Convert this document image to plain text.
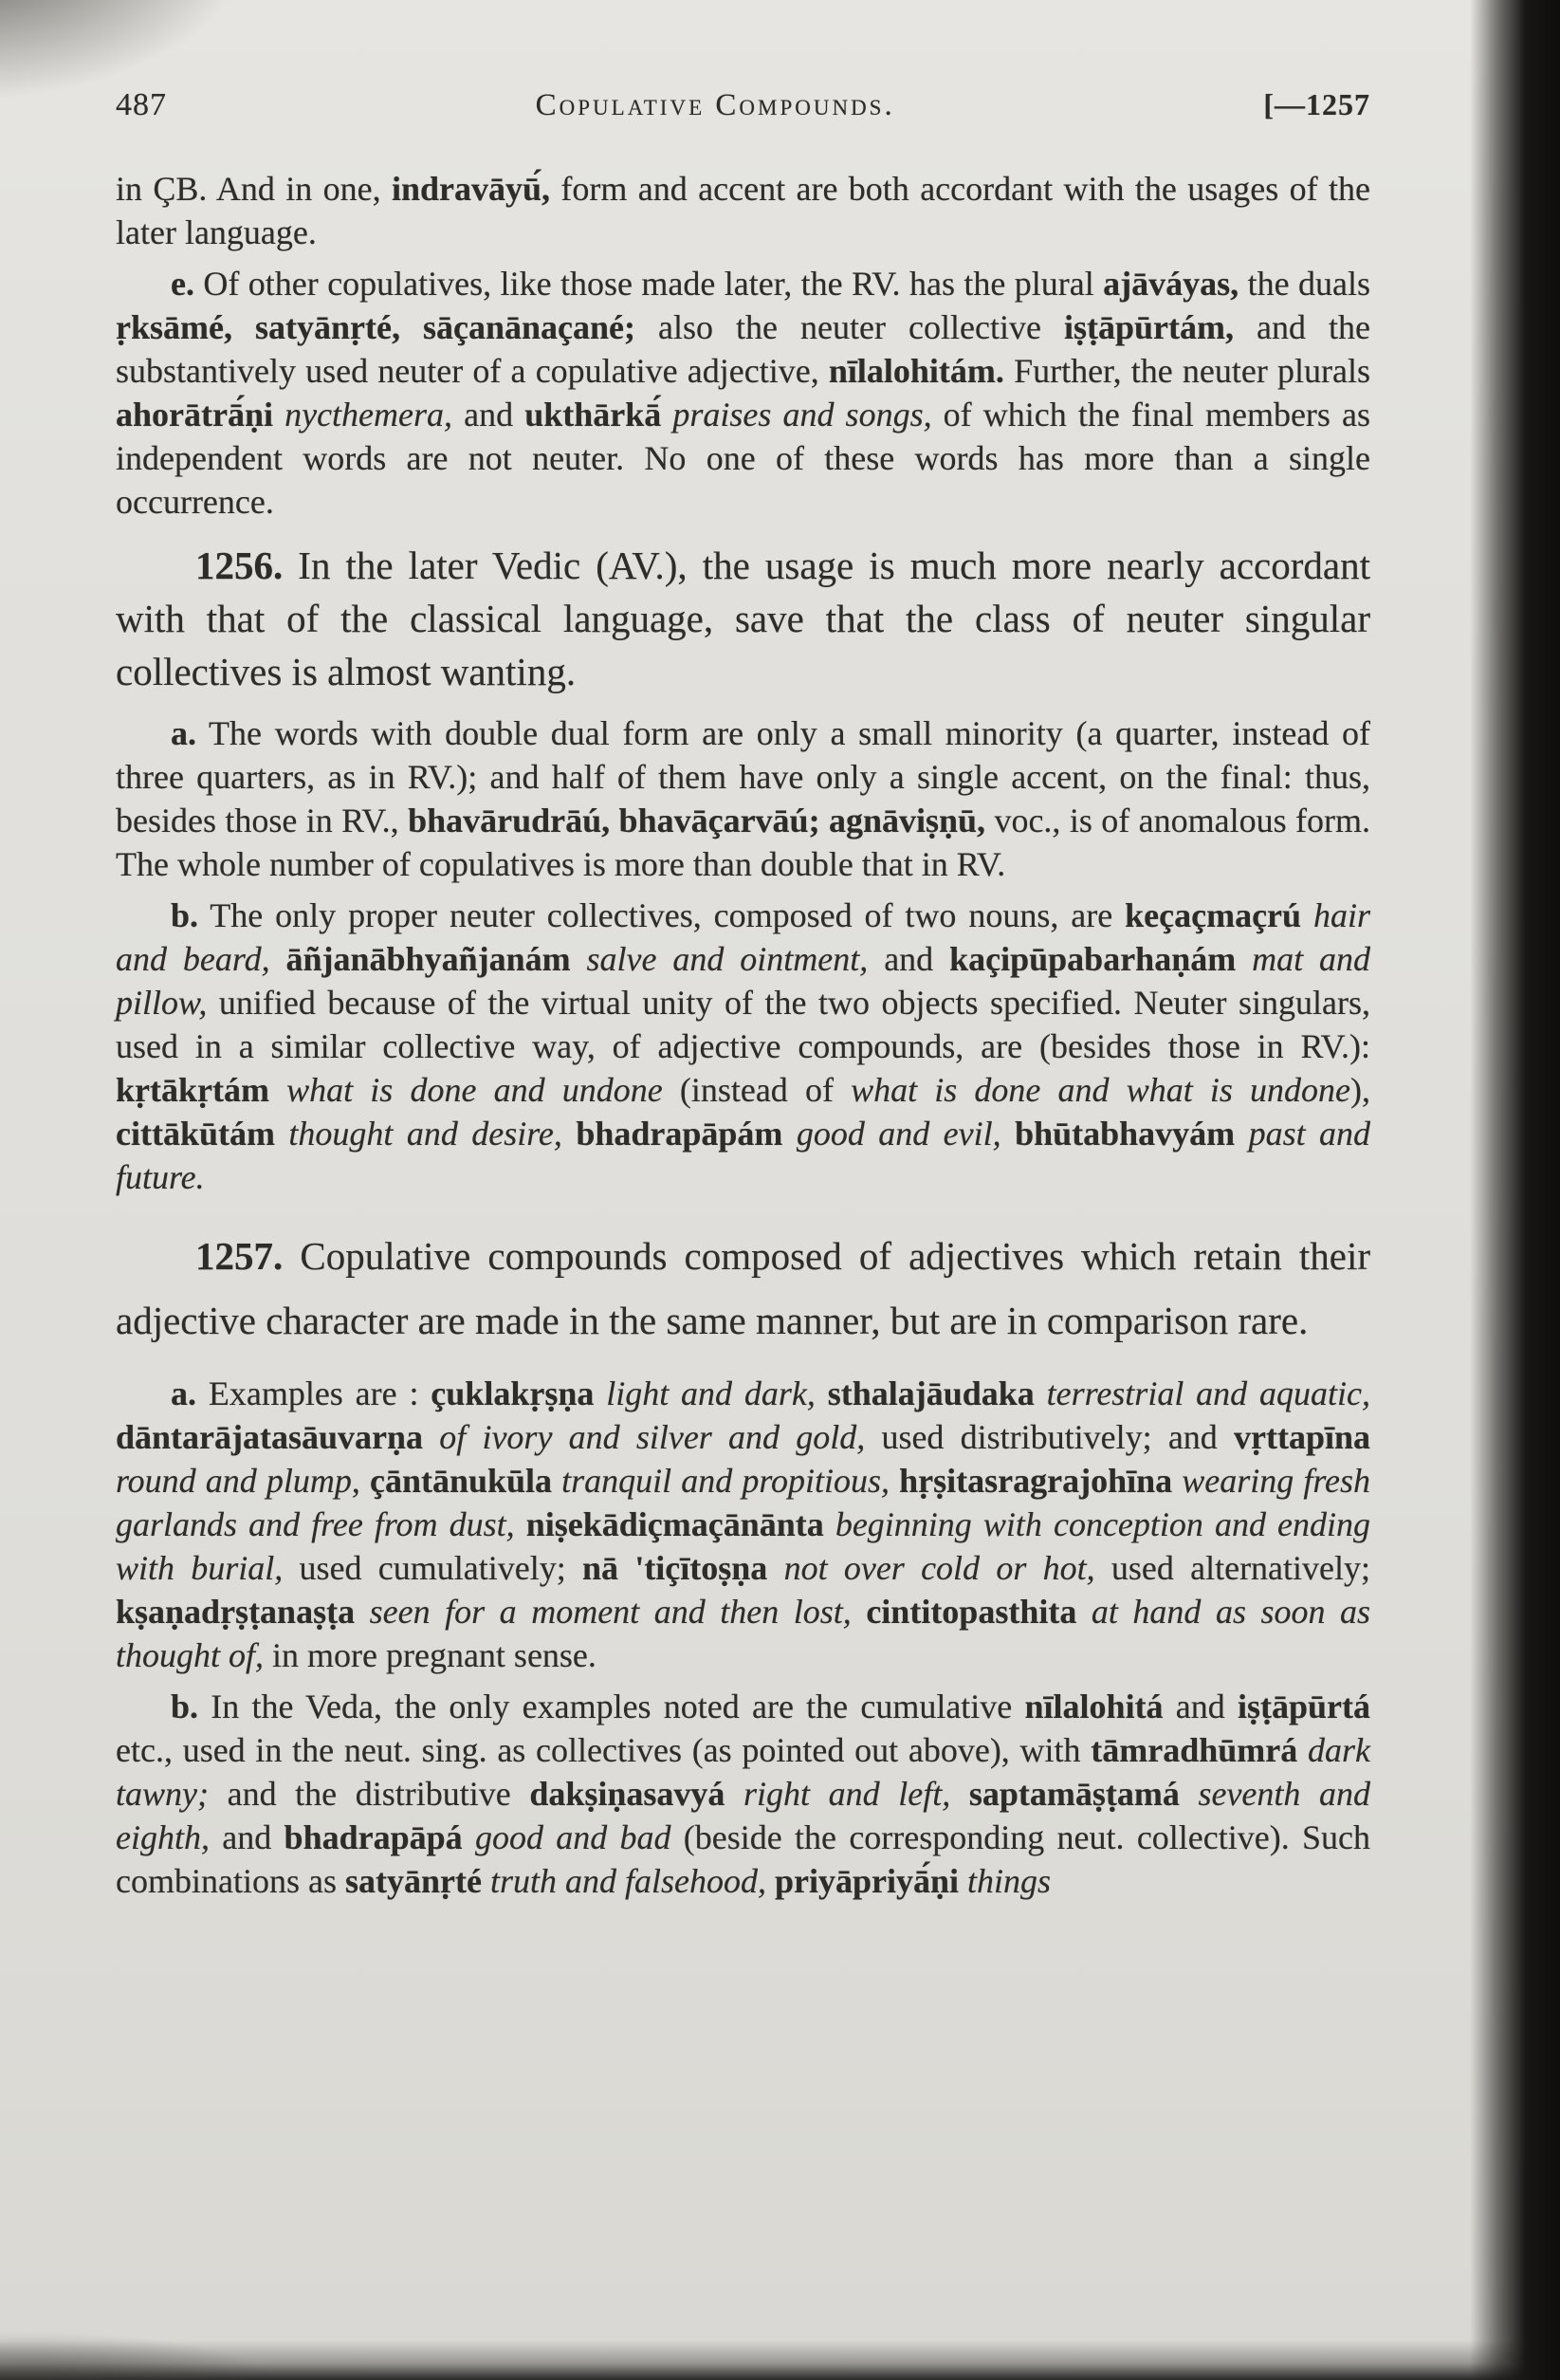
487	Copulative Compounds.	[—1257

in ÇB. And in one, indravāyū́, form and accent are both accordant with the usages of the later language.

e. Of other copulatives, like those made later, the RV. has the plural ajāváyas, the duals ṛksāmé, satyānṛté, sāçanānaçané; also the neuter collective iṣṭāpūrtám, and the substantively used neuter of a copulative adjective, nīlalohitám. Further, the neuter plurals ahorātrā́ṇi nycthemera, and ukthārkā́ praises and songs, of which the final members as independent words are not neuter. No one of these words has more than a single occurrence.

1256. In the later Vedic (AV.), the usage is much more nearly accordant with that of the classical language, save that the class of neuter singular collectives is almost wanting.

a. The words with double dual form are only a small minority (a quarter, instead of three quarters, as in RV.); and half of them have only a single accent, on the final: thus, besides those in RV., bhavārudrāú, bhavāçarvāú; agnāviṣṇū, voc., is of anomalous form. The whole number of copulatives is more than double that in RV.

b. The only proper neuter collectives, composed of two nouns, are keçaçmaçrú hair and beard, āñjanābhyañjanám salve and ointment, and kaçipūpabarhaṇám mat and pillow, unified because of the virtual unity of the two objects specified. Neuter singulars, used in a similar collective way, of adjective compounds, are (besides those in RV.): kṛtākṛtám what is done and undone (instead of what is done and what is undone), cittākūtám thought and desire, bhadrapāpám good and evil, bhūtabhavyám past and future.

1257. Copulative compounds composed of adjectives which retain their adjective character are made in the same manner, but are in comparison rare.

a. Examples are : çuklakṛṣṇa light and dark, sthalajāudaka terrestrial and aquatic, dāntarājatasāuvarṇa of ivory and silver and gold, used distributively; and vṛttapīna round and plump, çāntānukūla tranquil and propitious, hṛṣitasragrajohīna wearing fresh garlands and free from dust, niṣekādiçmaçānānta beginning with conception and ending with burial, used cumulatively; nā 'tiçītoṣṇa not over cold or hot, used alternatively; kṣaṇadṛṣṭanaṣṭa seen for a moment and then lost, cintitopasthita at hand as soon as thought of, in more pregnant sense.

b. In the Veda, the only examples noted are the cumulative nīlalohitá and iṣṭāpūrtá etc., used in the neut. sing. as collectives (as pointed out above), with tāmradhūmrá dark tawny; and the distributive dakṣiṇasavyá right and left, saptamāṣṭamá seventh and eighth, and bhadrapāpá good and bad (beside the corresponding neut. collective). Such combinations as satyānṛté truth and falsehood, priyāpriyā́ṇi things
